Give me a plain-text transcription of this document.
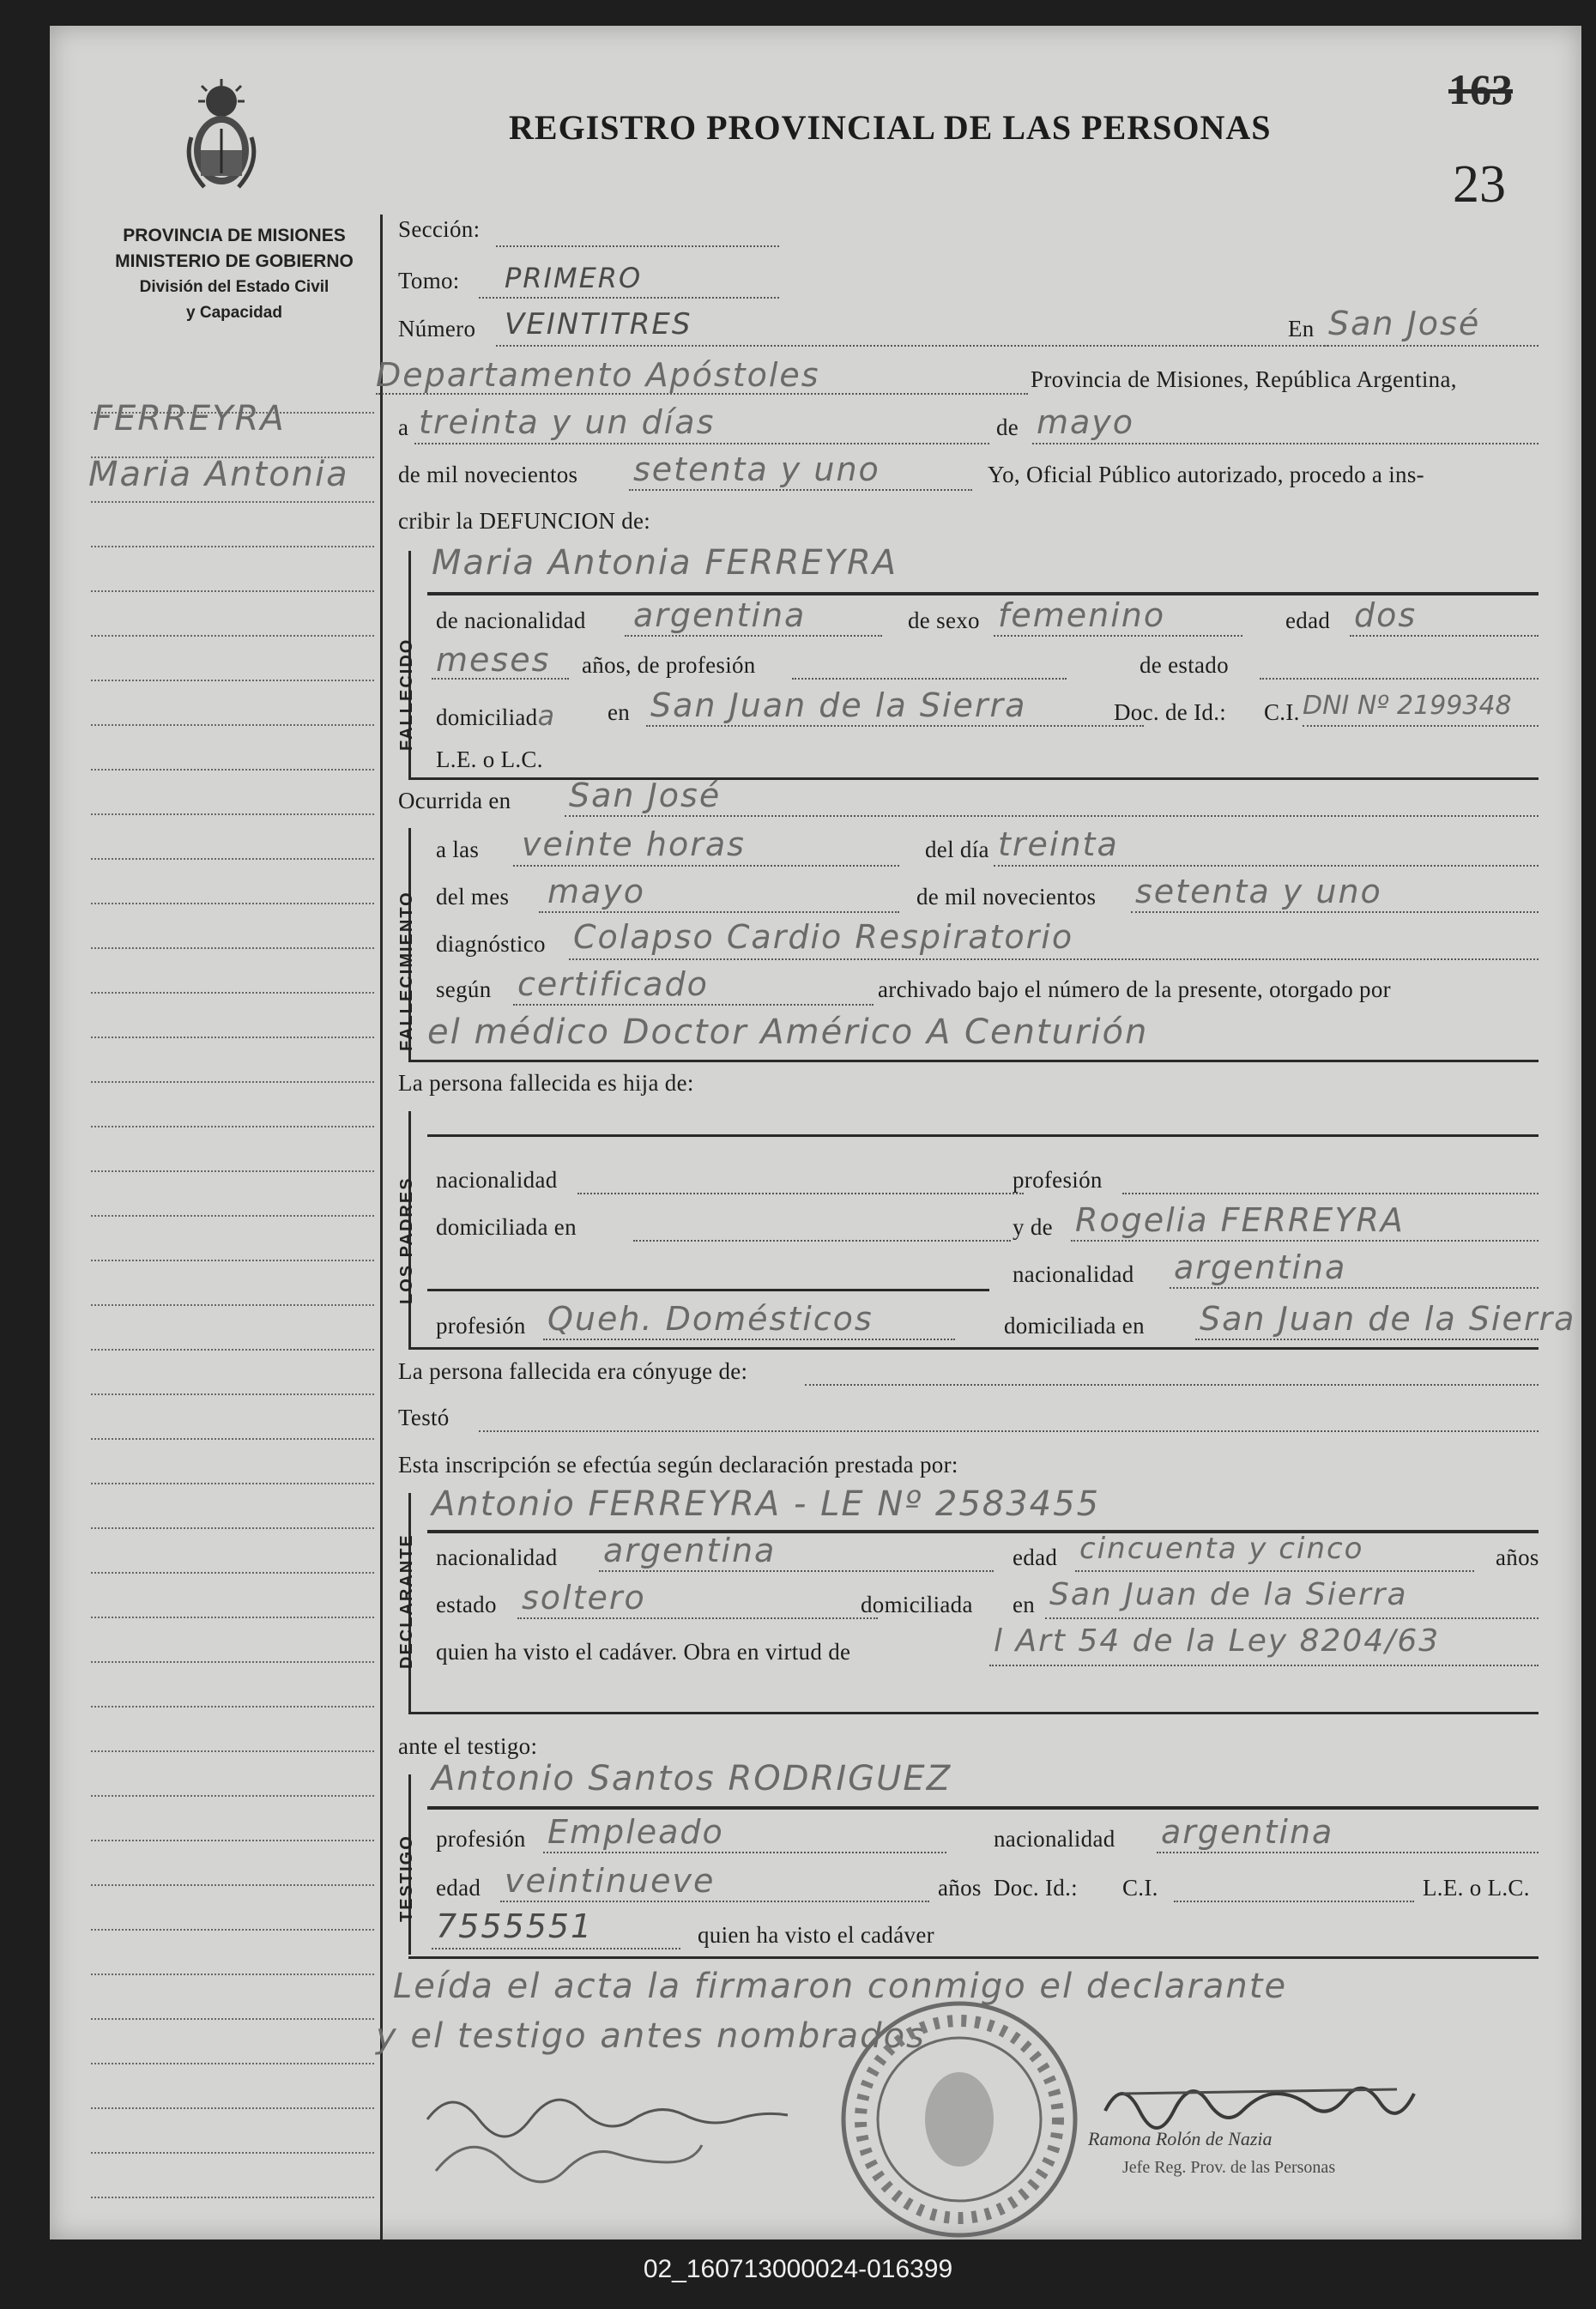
PROVINCIA DE MISIONES
MINISTERIO DE GOBIERNO
División del Estado Civil
y Capacidad
FERREYRA
Maria Antonia
REGISTRO PROVINCIAL DE LAS PERSONAS
163
23
Sección:
Tomo: PRIMERO
Número VEINTITRES	En San José
Departamento Apóstoles	Provincia de Misiones, República Argentina,
a treinta y un días	de mayo
de mil novecientos setenta y uno	Yo, Oficial Público autorizado, procedo a ins-
cribir la DEFUNCION de:
FALLECIDO
Maria Antonia FERREYRA
de nacionalidad argentina	de sexo femenino	edad dos
meses años, de profesión	de estado
domiciliada en San Juan de la Sierra	Doc. de Id.: C.I. DNI Nº 2199348
L.E. o L.C.
Ocurrida en San José
FALLECIMIENTO
a las veinte horas	del día treinta
del mes mayo	de mil novecientos setenta y uno
diagnóstico Colapso Cardio Respiratorio
según certificado	archivado bajo el número de la presente, otorgado por
el médico Doctor Américo A Centurión
La persona fallecida es hija de:
LOS PADRES nacionalidad	profesión
domiciliada en	y de Rogelia FERREYRA
nacionalidad argentina
profesión Queh. Domésticos	domiciliada en San Juan de la Sierra
La persona fallecida era cónyuge de:
Testó
Esta inscripción se efectúa según declaración prestada por:
DECLARANTE
Antonio FERREYRA - LE Nº 2583455
nacionalidad argentina	edad cincuenta y cinco	años
estado soltero	domiciliada en San Juan de la Sierra
quien ha visto el cadáver. Obra en virtud de	l Art 54 de la Ley 8204/63
ante el testigo:
TESTIGO
Antonio Santos RODRIGUEZ
profesión Empleado	nacionalidad argentina
edad veintinueve	años Doc. Id.: C.I.	L.E. o L.C.
7555551	quien ha visto el cadáver
Leída el acta la firmaron conmigo el declarante
y el testigo antes nombrados
Ramona Rolón de Nazia
Jefe Reg. Prov. de las Personas
02_160713000024-016399
